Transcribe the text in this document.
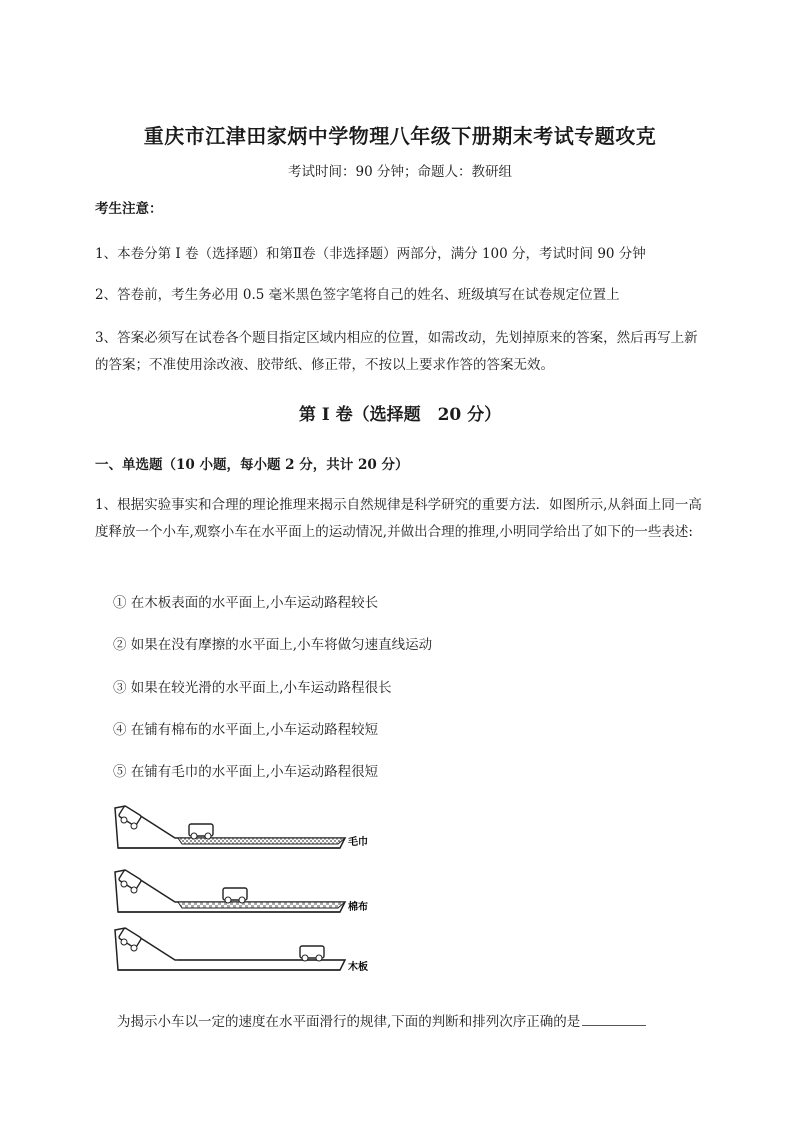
重庆市江津田家炳中学物理八年级下册期末考试专题攻克
考试时间：90 分钟；命题人：教研组
考生注意：
1、本卷分第 I 卷（选择题）和第Ⅱ卷（非选择题）两部分，满分 100 分，考试时间 90 分钟
2、答卷前，考生务必用 0.5 毫米黑色签字笔将自己的姓名、班级填写在试卷规定位置上
3、答案必须写在试卷各个题目指定区域内相应的位置，如需改动，先划掉原来的答案，然后再写上新的答案；不准使用涂改液、胶带纸、修正带，不按以上要求作答的答案无效。
第 I 卷（选择题　20 分）
一、单选题（10 小题，每小题 2 分，共计 20 分）
1、根据实验事实和合理的理论推理来揭示自然规律是科学研究的重要方法．如图所示,从斜面上同一高度释放一个小车,观察小车在水平面上的运动情况,并做出合理的推理,小明同学给出了如下的一些表述:
① 在木板表面的水平面上,小车运动路程较长
② 如果在没有摩擦的水平面上,小车将做匀速直线运动
③ 如果在较光滑的水平面上,小车运动路程很长
④ 在铺有棉布的水平面上,小车运动路程较短
⑤ 在铺有毛巾的水平面上,小车运动路程很短
毛巾
棉布
木板
为揭示小车以一定的速度在水平面滑行的规律,下面的判断和排列次序正确的是
